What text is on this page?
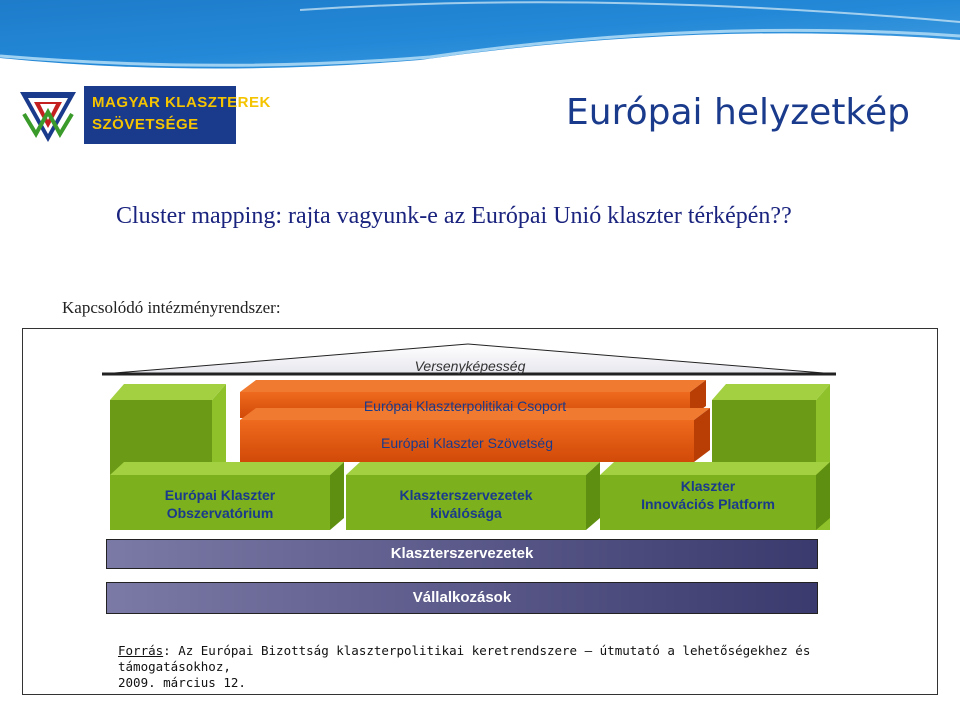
MAGYAR KLASZTEREK
SZÖVETSÉGE	Európai helyzetkép
Cluster mapping: rajta vagyunk-e az Európai Unió klaszter térképén??
Kapcsolódó intézményrendszer:
Versenyképesség
Európai Klaszterpolitikai Csoport
Európai Klaszter Szövetség
Európai Klaszter
Obszervatórium
Klaszterszervezetek
kiválósága
Klaszter
Innovációs Platform
Klaszterszervezetek
Vállalkozások
Forrás: Az Európai Bizottság klaszterpolitikai keretrendszere – útmutató a lehetőségekhez és támogatásokhoz,
2009. március 12.
